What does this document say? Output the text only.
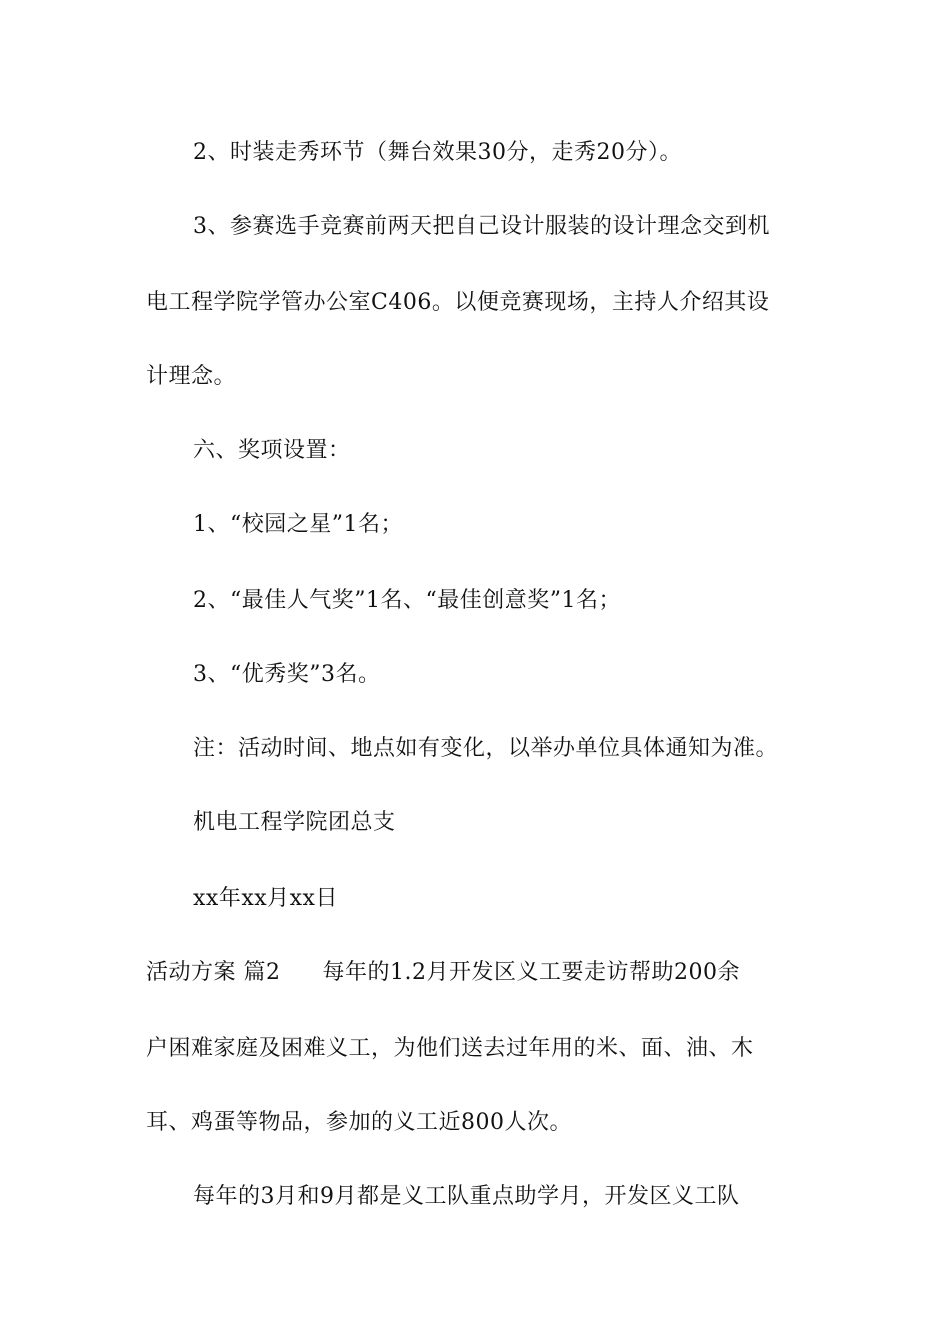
2、时装走秀环节（舞台效果30分，走秀20分）。
3、参赛选手竞赛前两天把自己设计服装的设计理念交到机
电工程学院学管办公室C406。以便竞赛现场，主持人介绍其设
计理念。
六、奖项设置：
1、“校园之星”1名；
2、“最佳人气奖”1名、“最佳创意奖”1名；
3、“优秀奖”3名。
注：活动时间、地点如有变化，以举办单位具体通知为准。
机电工程学院团总支
xx年xx月xx日
活动方案 篇2 每年的1.2月开发区义工要走访帮助200余
户困难家庭及困难义工，为他们送去过年用的米、面、油、木
耳、鸡蛋等物品，参加的义工近800人次。
每年的3月和9月都是义工队重点助学月，开发区义工队
